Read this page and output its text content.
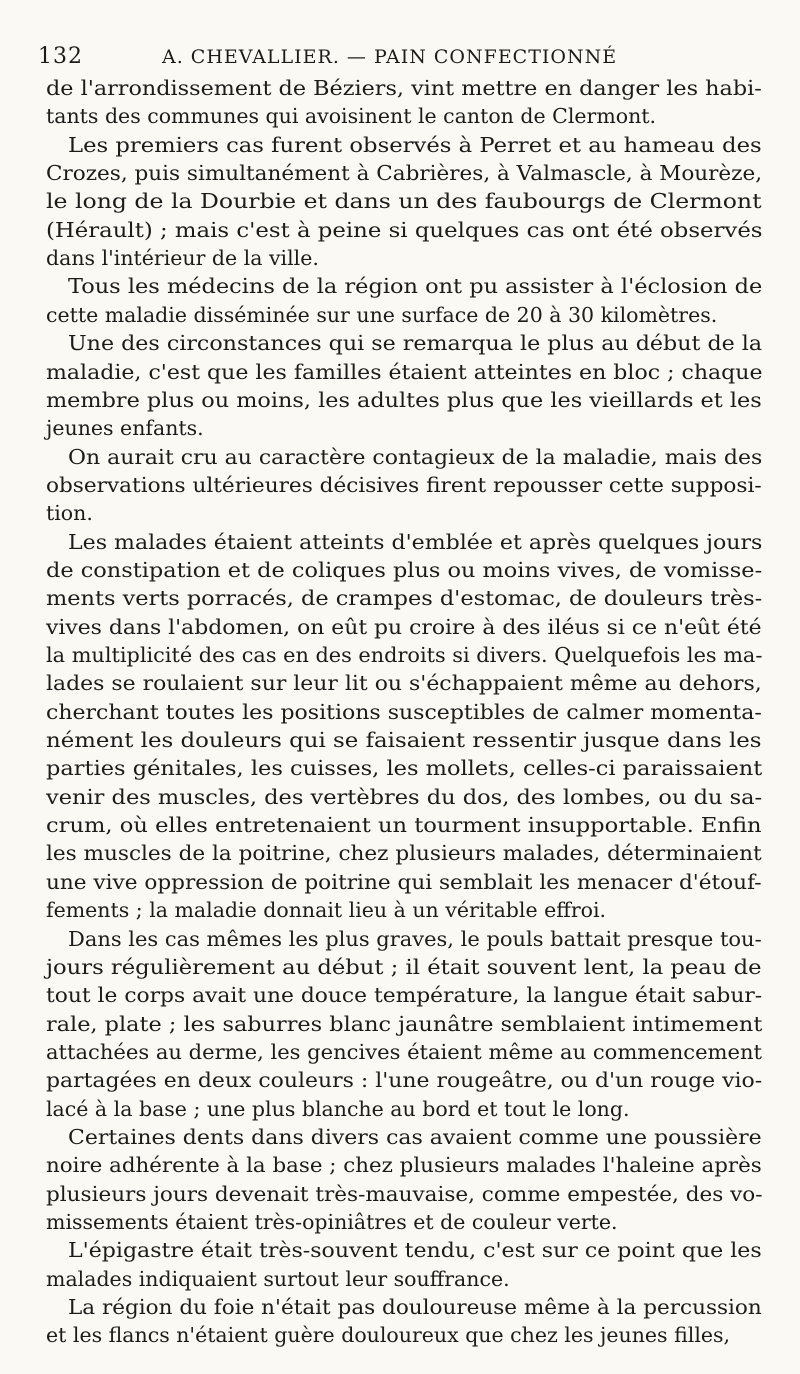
132	A. CHEVALLIER. — PAIN CONFECTIONNÉ
de l'arrondissement de Béziers, vint mettre en danger les habi-
tants des communes qui avoisinent le canton de Clermont.
Les premiers cas furent observés à Perret et au hameau des
Crozes, puis simultanément à Cabrières, à Valmascle, à Mourèze,
le long de la Dourbie et dans un des faubourgs de Clermont
(Hérault) ; mais c'est à peine si quelques cas ont été observés
dans l'intérieur de la ville.
Tous les médecins de la région ont pu assister à l'éclosion de
cette maladie disséminée sur une surface de 20 à 30 kilomètres.
Une des circonstances qui se remarqua le plus au début de la
maladie, c'est que les familles étaient atteintes en bloc ; chaque
membre plus ou moins, les adultes plus que les vieillards et les
jeunes enfants.
On aurait cru au caractère contagieux de la maladie, mais des
observations ultérieures décisives firent repousser cette supposi-
tion.
Les malades étaient atteints d'emblée et après quelques jours
de constipation et de coliques plus ou moins vives, de vomisse-
ments verts porracés, de crampes d'estomac, de douleurs très-
vives dans l'abdomen, on eût pu croire à des iléus si ce n'eût été
la multiplicité des cas en des endroits si divers. Quelquefois les ma-
lades se roulaient sur leur lit ou s'échappaient même au dehors,
cherchant toutes les positions susceptibles de calmer momenta-
nément les douleurs qui se faisaient ressentir jusque dans les
parties génitales, les cuisses, les mollets, celles-ci paraissaient
venir des muscles, des vertèbres du dos, des lombes, ou du sa-
crum, où elles entretenaient un tourment insupportable. Enfin
les muscles de la poitrine, chez plusieurs malades, déterminaient
une vive oppression de poitrine qui semblait les menacer d'étouf-
fements ; la maladie donnait lieu à un véritable effroi.
Dans les cas mêmes les plus graves, le pouls battait presque tou-
jours régulièrement au début ; il était souvent lent, la peau de
tout le corps avait une douce température, la langue était sabur-
rale, plate ; les saburres blanc jaunâtre semblaient intimement
attachées au derme, les gencives étaient même au commencement
partagées en deux couleurs : l'une rougeâtre, ou d'un rouge vio-
lacé à la base ; une plus blanche au bord et tout le long.
Certaines dents dans divers cas avaient comme une poussière
noire adhérente à la base ; chez plusieurs malades l'haleine après
plusieurs jours devenait très-mauvaise, comme empestée, des vo-
missements étaient très-opiniâtres et de couleur verte.
L'épigastre était très-souvent tendu, c'est sur ce point que les
malades indiquaient surtout leur souffrance.
La région du foie n'était pas douloureuse même à la percussion
et les flancs n'étaient guère douloureux que chez les jeunes filles,
